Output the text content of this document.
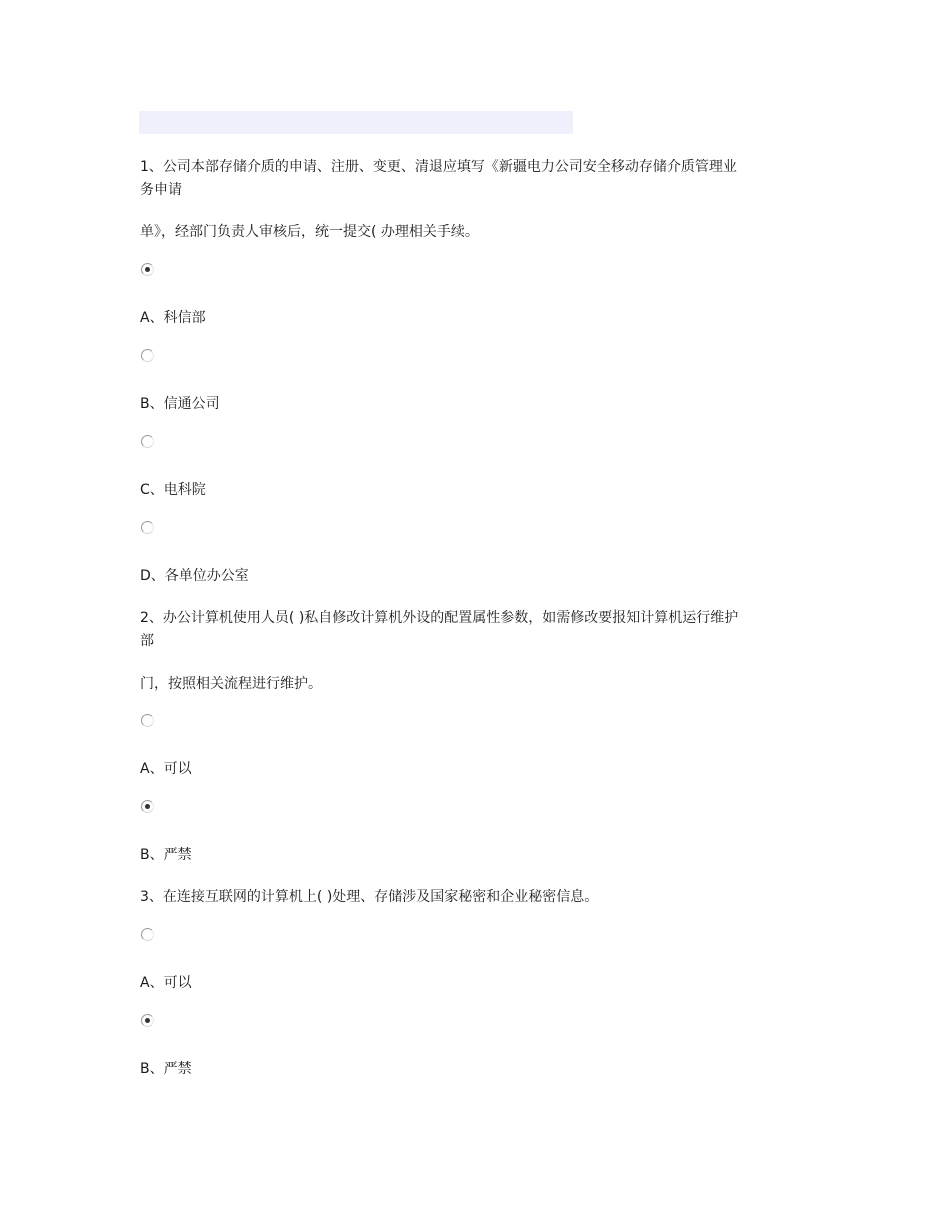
1、公司本部存储介质的申请、注册、变更、清退应填写《新疆电力公司安全移动存储介质管理业
务申请
单》，经部门负责人审核后，统一提交( 办理相关手续。
A、科信部
B、信通公司
C、电科院
D、各单位办公室
2、办公计算机使用人员( )私自修改计算机外设的配置属性参数，如需修改要报知计算机运行维护
部
门，按照相关流程进行维护。
A、可以
B、严禁
3、在连接互联网的计算机上( )处理、存储涉及国家秘密和企业秘密信息。
A、可以
B、严禁
